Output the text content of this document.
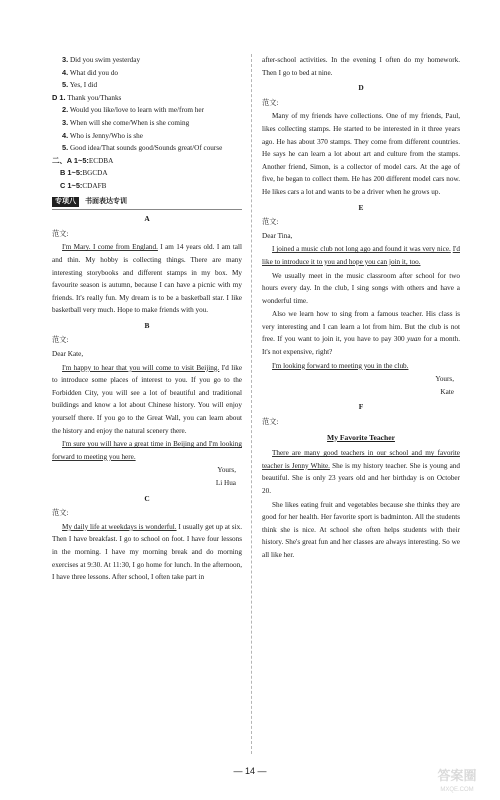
3. Did you swim yesterday
4. What did you do
5. Yes, I did
D 1. Thank you/Thanks
2. Would you like/love to learn with me/from her
3. When will she come/When is she coming
4. Who is Jenny/Who is she
5. Good idea/That sounds good/Sounds great/Of course
二、A 1~5:ECDBA
B 1~5:BGCDA
C 1~5:CDAFB
专项八 书面表达专训
A
范文:

I'm Mary. I come from England. I am 14 years old. I am tall and thin. My hobby is collecting things. There are many interesting storybooks and different stamps in my box. My favourite season is autumn, because I can have a picnic with my friends. It's really fun. My dream is to be a basketball star. I like basketball very much. Hope to make friends with you.

B
范文:
Dear Kate,

I'm happy to hear that you will come to visit Beijing. I'd like to introduce some places of interest to you. If you go to the Forbidden City, you will see a lot of beautiful and traditional buildings and know a lot about Chinese history. You will enjoy yourself there. If you go to the Great Wall, you can learn about the history and enjoy the natural scenery there.

I'm sure you will have a great time in Beijing and I'm looking forward to meeting you here.

Yours,
Li Hua
C
范文:

My daily life at weekdays is wonderful. I usually get up at six. Then I have breakfast. I go to school on foot. I have four lessons in the morning. I have my morning break and do morning exercises at 9:30. At 11:30, I go home for lunch. In the afternoon, I have three lessons. After school, I often take part in

after-school activities. In the evening I often do my homework. Then I go to bed at nine.

D
范文:

Many of my friends have collections. One of my friends, Paul, likes collecting stamps. He started to be interested in it three years ago. He has about 370 stamps. They come from different countries. He says he can learn a lot about art and culture from the stamps. Another friend, Simon, is a collector of model cars. At the age of five, he began to collect them. He has 200 different model cars now. He likes cars a lot and wants to be a driver when he grows up.

E
范文:
Dear Tina,

I joined a music club not long ago and found it was very nice. I'd like to introduce it to you and hope you can join it, too.

We usually meet in the music classroom after school for two hours every day. In the club, I sing songs with others and have a wonderful time.

Also we learn how to sing from a famous teacher. His class is very interesting and I can learn a lot from him. But the club is not free. If you want to join it, you have to pay 300 yuan for a month. It's not expensive, right?

I'm looking forward to meeting you in the club.

Yours,
Kate
F
范文:
My Favorite Teacher

There are many good teachers in our school and my favorite teacher is Jenny White. She is my history teacher. She is young and beautiful. She is only 23 years old and her birthday is on October 20.

She likes eating fruit and vegetables because she thinks they are good for her health. Her favorite sport is badminton. All the students think she is nice. At school she often helps students with their history. She's great fun and her classes are always interesting. So we all like her.

— 14 —	答案圈
MXQE.COM
